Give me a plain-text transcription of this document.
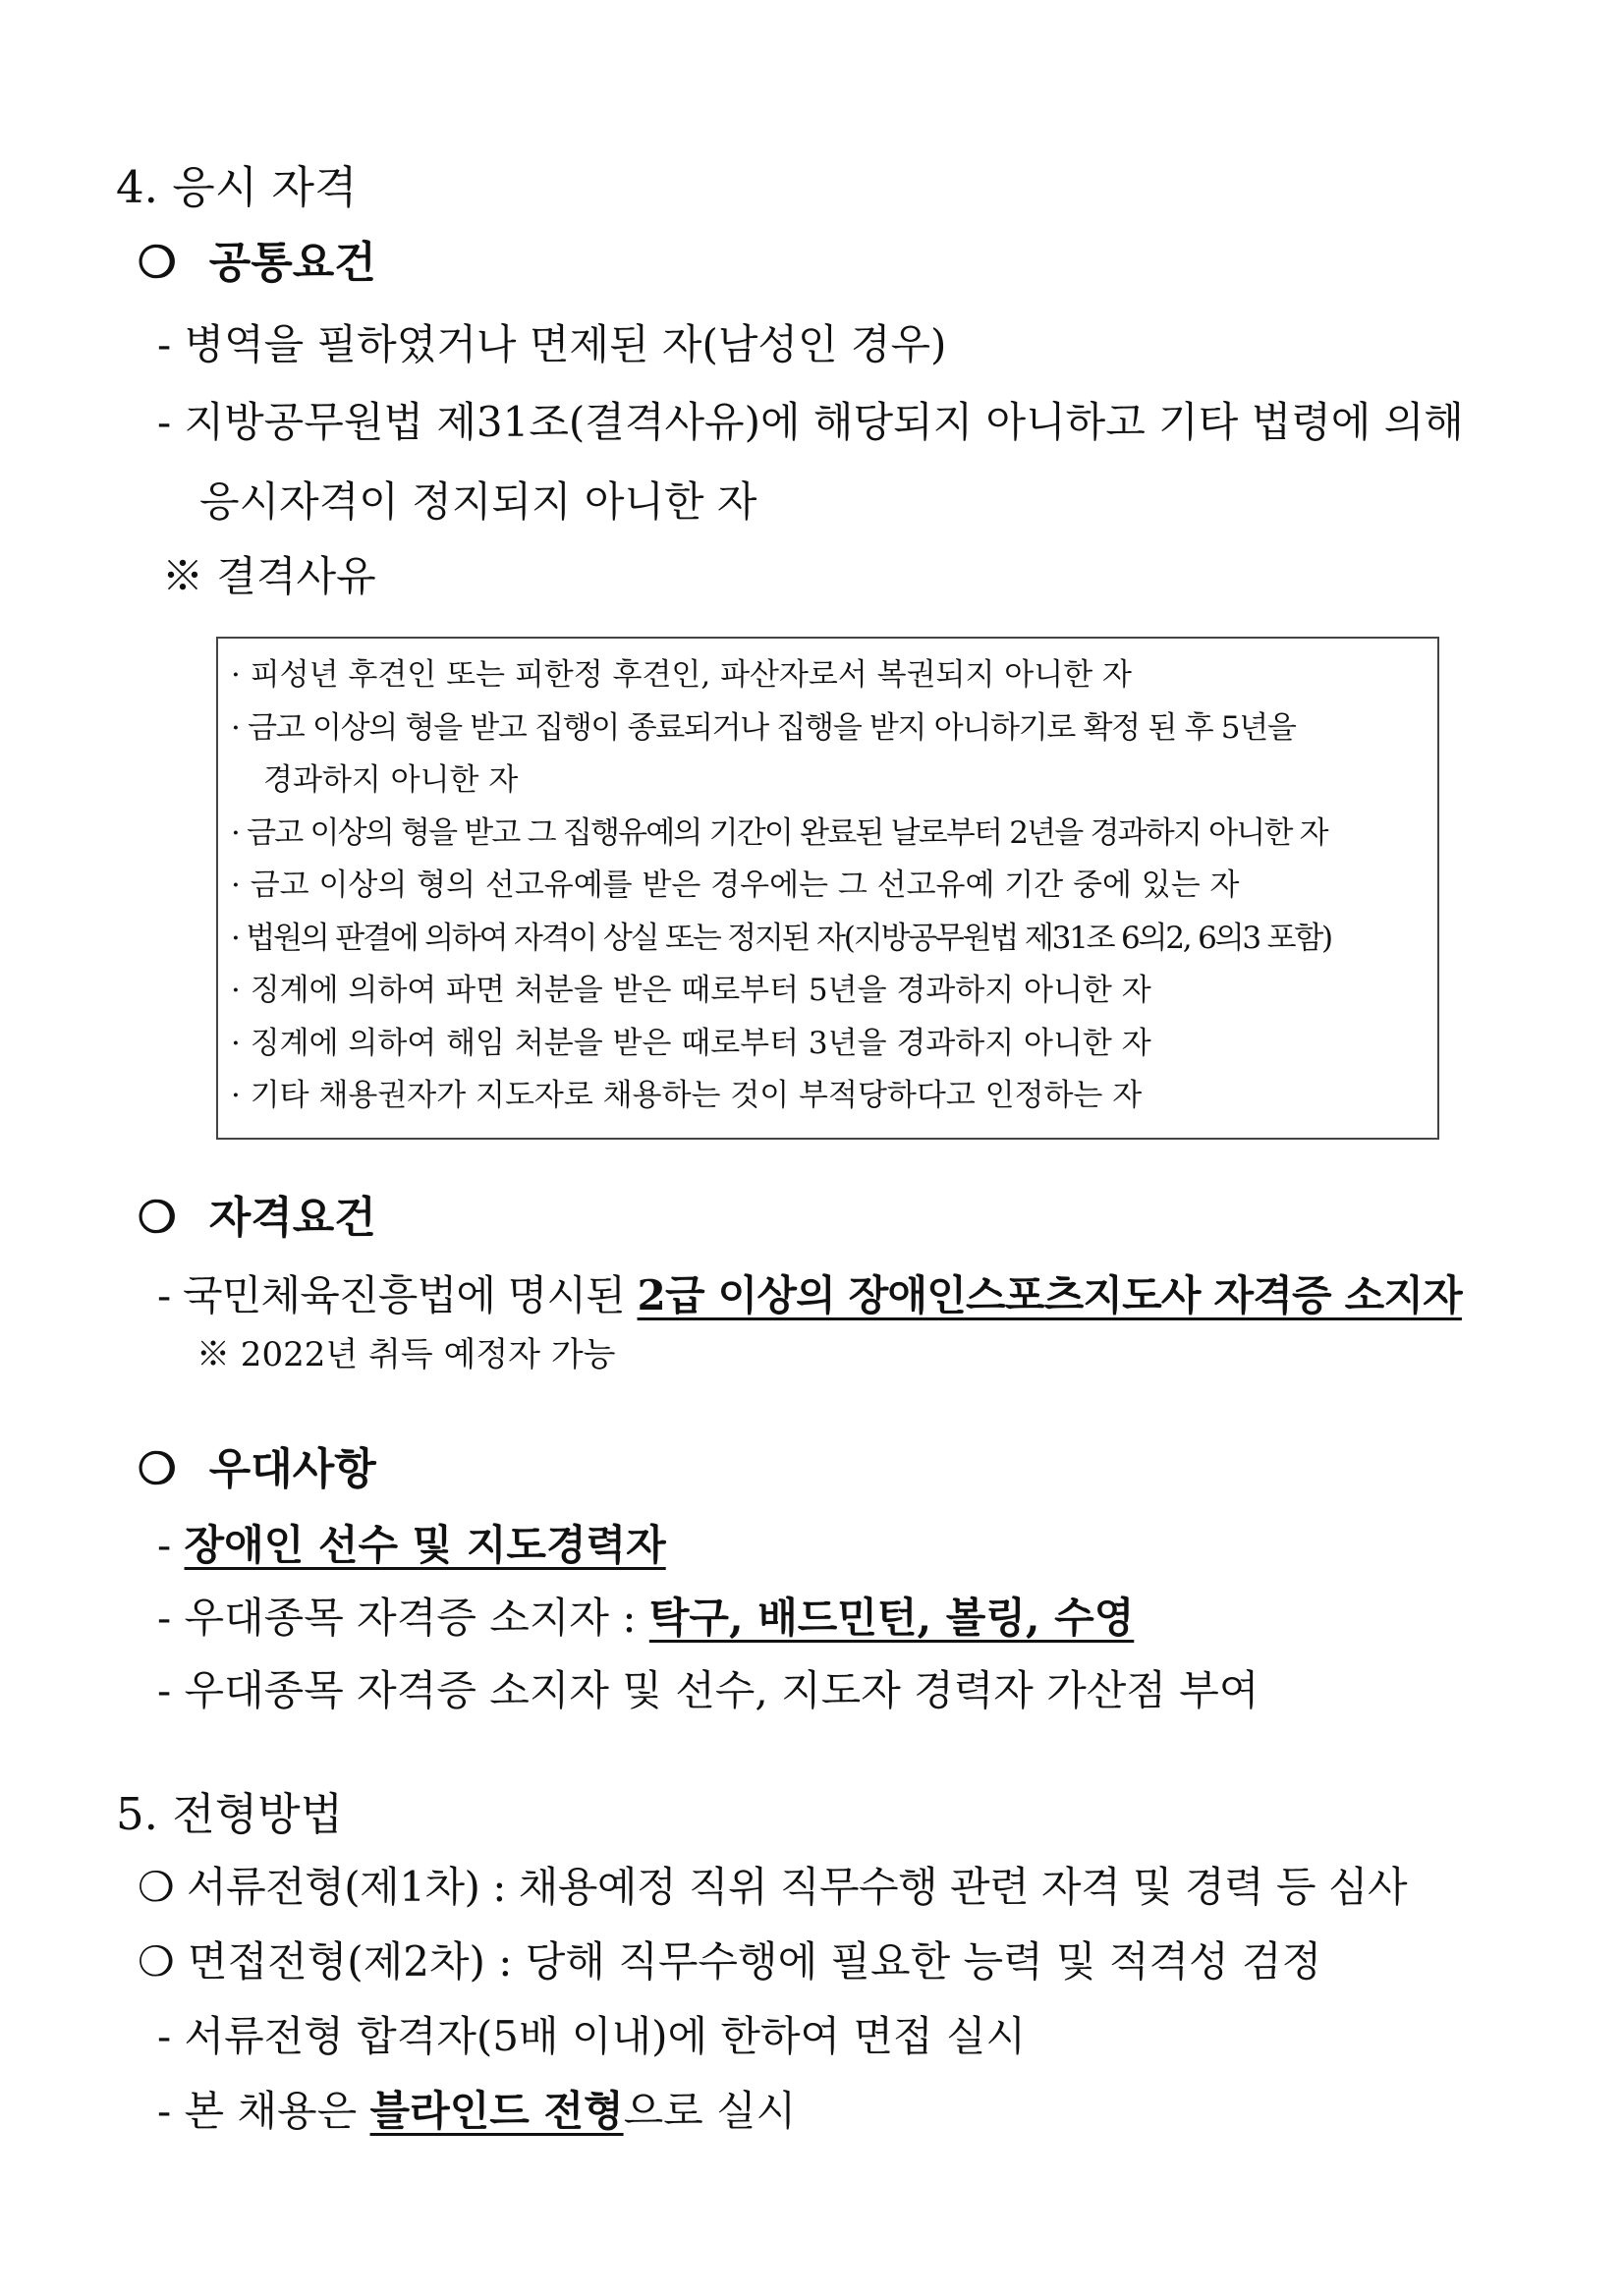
4. 응시 자격
❍ 공통요건
- 병역을 필하였거나 면제된 자(남성인 경우)
- 지방공무원법 제31조(결격사유)에 해당되지 아니하고 기타 법령에 의해
응시자격이 정지되지 아니한 자
※ 결격사유
· 피성년 후견인 또는 피한정 후견인, 파산자로서 복권되지 아니한 자
· 금고 이상의 형을 받고 집행이 종료되거나 집행을 받지 아니하기로 확정 된 후 5년을
경과하지 아니한 자
· 금고 이상의 형을 받고 그 집행유예의 기간이 완료된 날로부터 2년을 경과하지 아니한 자
· 금고 이상의 형의 선고유예를 받은 경우에는 그 선고유예 기간 중에 있는 자
· 법원의 판결에 의하여 자격이 상실 또는 정지된 자(지방공무원법 제31조 6의2, 6의3 포함)
· 징계에 의하여 파면 처분을 받은 때로부터 5년을 경과하지 아니한 자
· 징계에 의하여 해임 처분을 받은 때로부터 3년을 경과하지 아니한 자
· 기타 채용권자가 지도자로 채용하는 것이 부적당하다고 인정하는 자
❍ 자격요건
- 국민체육진흥법에 명시된 2급 이상의 장애인스포츠지도사 자격증 소지자
※ 2022년 취득 예정자 가능
❍ 우대사항
- 장애인 선수 및 지도경력자
- 우대종목 자격증 소지자 : 탁구, 배드민턴, 볼링, 수영
- 우대종목 자격증 소지자 및 선수, 지도자 경력자 가산점 부여
5. 전형방법
❍ 서류전형(제1차) : 채용예정 직위 직무수행 관련 자격 및 경력 등 심사
❍ 면접전형(제2차) : 당해 직무수행에 필요한 능력 및 적격성 검정
- 서류전형 합격자(5배 이내)에 한하여 면접 실시
- 본 채용은 블라인드 전형으로 실시
